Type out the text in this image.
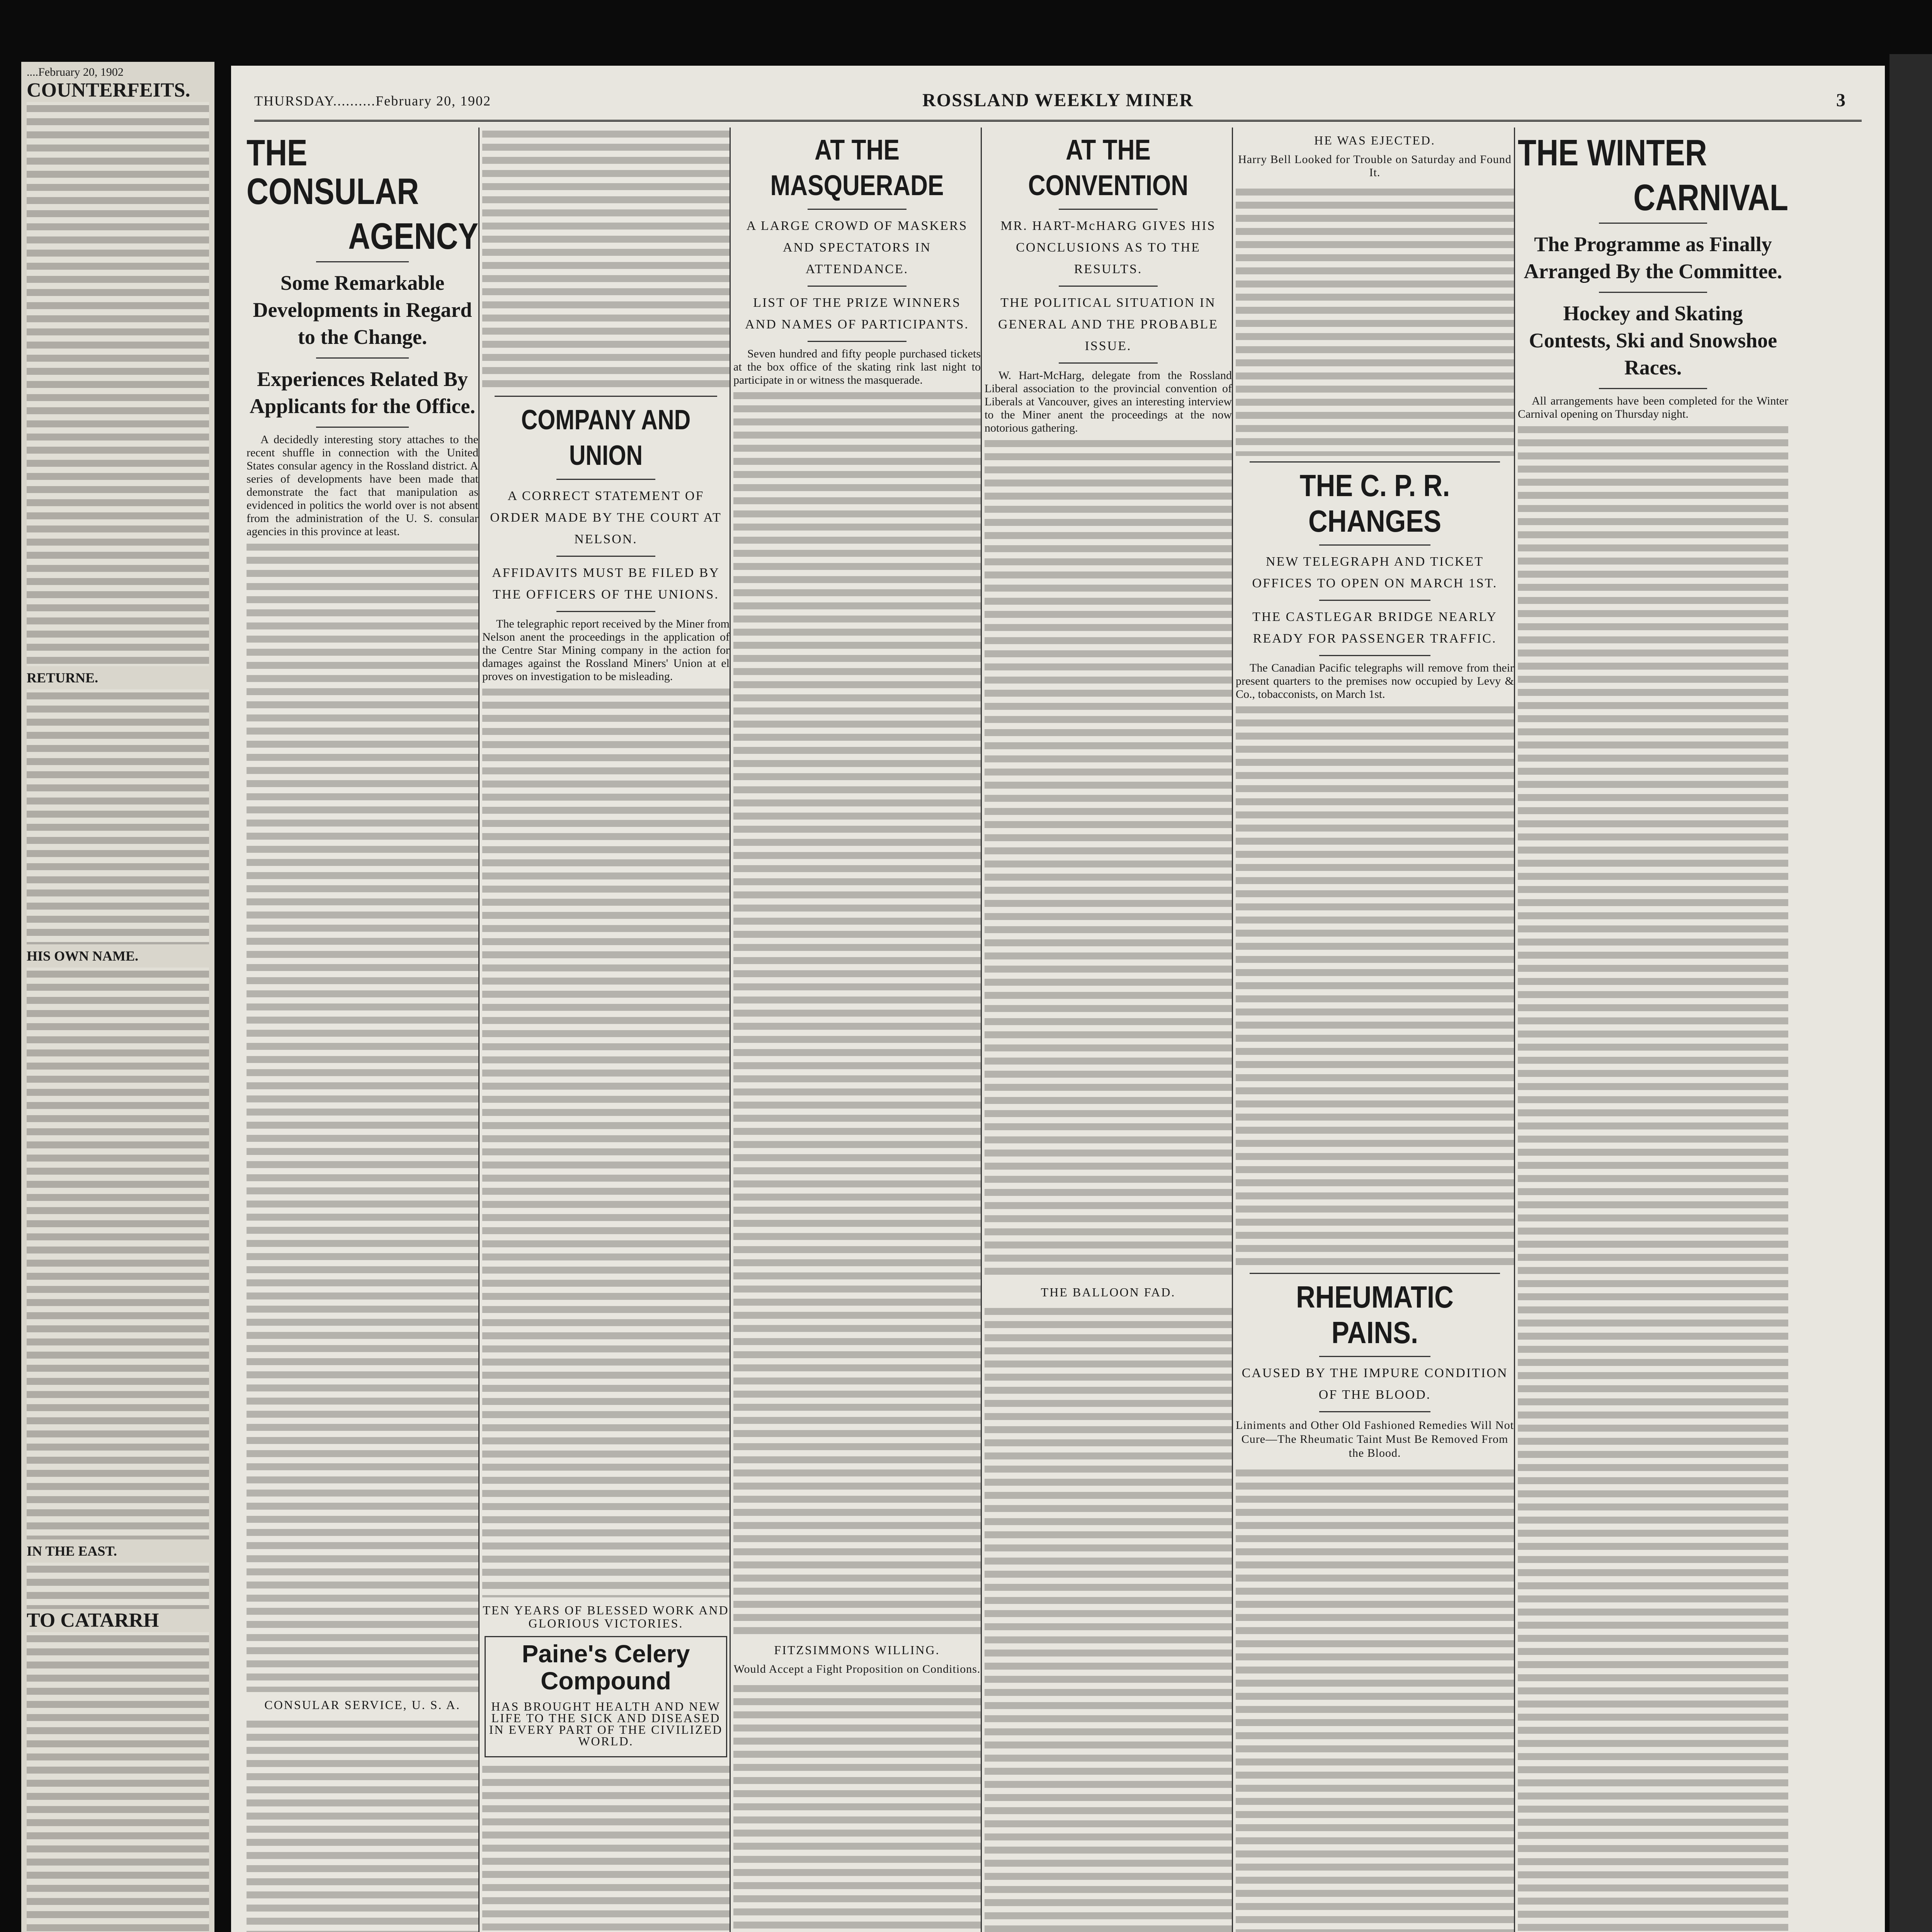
....February 20, 1902
COUNTERFEITS.
RETURNE.
HIS OWN NAME.
IN THE EAST.
TO CATARRH
THURSDAY..........February 20, 1902	ROSSLAND WEEKLY MINER	3
THE CONSULAR
AGENCY
Some Remarkable Developments in Regard to the Change.
Experiences Related By Applicants for the Office.

A decidedly interesting story attaches to the recent shuffle in connection with the United States consular agency in the Rossland district. A series of developments have been made that demonstrate the fact that manipulation as evidenced in politics the world over is not absent from the administration of the U. S. consular agencies in this province at least.

CONSULAR SERVICE, U. S. A.
COMPANY AND UNION
A CORRECT STATEMENT OF ORDER MADE BY THE COURT AT NELSON.
AFFIDAVITS MUST BE FILED BY THE OFFICERS OF THE UNIONS.

The telegraphic report received by the Miner from Nelson anent the proceedings in the application of the Centre Star Mining company in the action for damages against the Rossland Miners' Union at el proves on investigation to be misleading.

TEN YEARS OF BLESSED WORK AND GLORIOUS VICTORIES.
Paine's Celery Compound
HAS BROUGHT HEALTH AND NEW LIFE TO THE SICK AND DISEASED IN EVERY PART OF THE CIVILIZED WORLD.
AT THE MASQUERADE
A LARGE CROWD OF MASKERS AND SPECTATORS IN ATTENDANCE.
LIST OF THE PRIZE WINNERS AND NAMES OF PARTICIPANTS.

Seven hundred and fifty people purchased tickets at the box office of the skating rink last night to participate in or witness the masquerade.

FITZSIMMONS WILLING.
Would Accept a Fight Proposition on Conditions.
AT THE CONVENTION
MR. HART-McHARG GIVES HIS CONCLUSIONS AS TO THE RESULTS.
THE POLITICAL SITUATION IN GENERAL AND THE PROBABLE ISSUE.

W. Hart-McHarg, delegate from the Rossland Liberal association to the provincial convention of Liberals at Vancouver, gives an interesting interview to the Miner anent the proceedings at the now notorious gathering.

THE BALLOON FAD.
HE WAS EJECTED.
Harry Bell Looked for Trouble on Saturday and Found It.
THE C. P. R. CHANGES
NEW TELEGRAPH AND TICKET OFFICES TO OPEN ON MARCH 1ST.
THE CASTLEGAR BRIDGE NEARLY READY FOR PASSENGER TRAFFIC.

The Canadian Pacific telegraphs will remove from their present quarters to the premises now occupied by Levy & Co., tobacconists, on March 1st.

RHEUMATIC PAINS.
CAUSED BY THE IMPURE CONDITION OF THE BLOOD.
Liniments and Other Old Fashioned Remedies Will Not Cure—The Rheumatic Taint Must Be Removed From the Blood.
THE WINTER
CARNIVAL
The Programme as Finally Arranged By the Committee.
Hockey and Skating Contests, Ski and Snowshoe Races.

All arrangements have been completed for the Winter Carnival opening on Thursday night.
